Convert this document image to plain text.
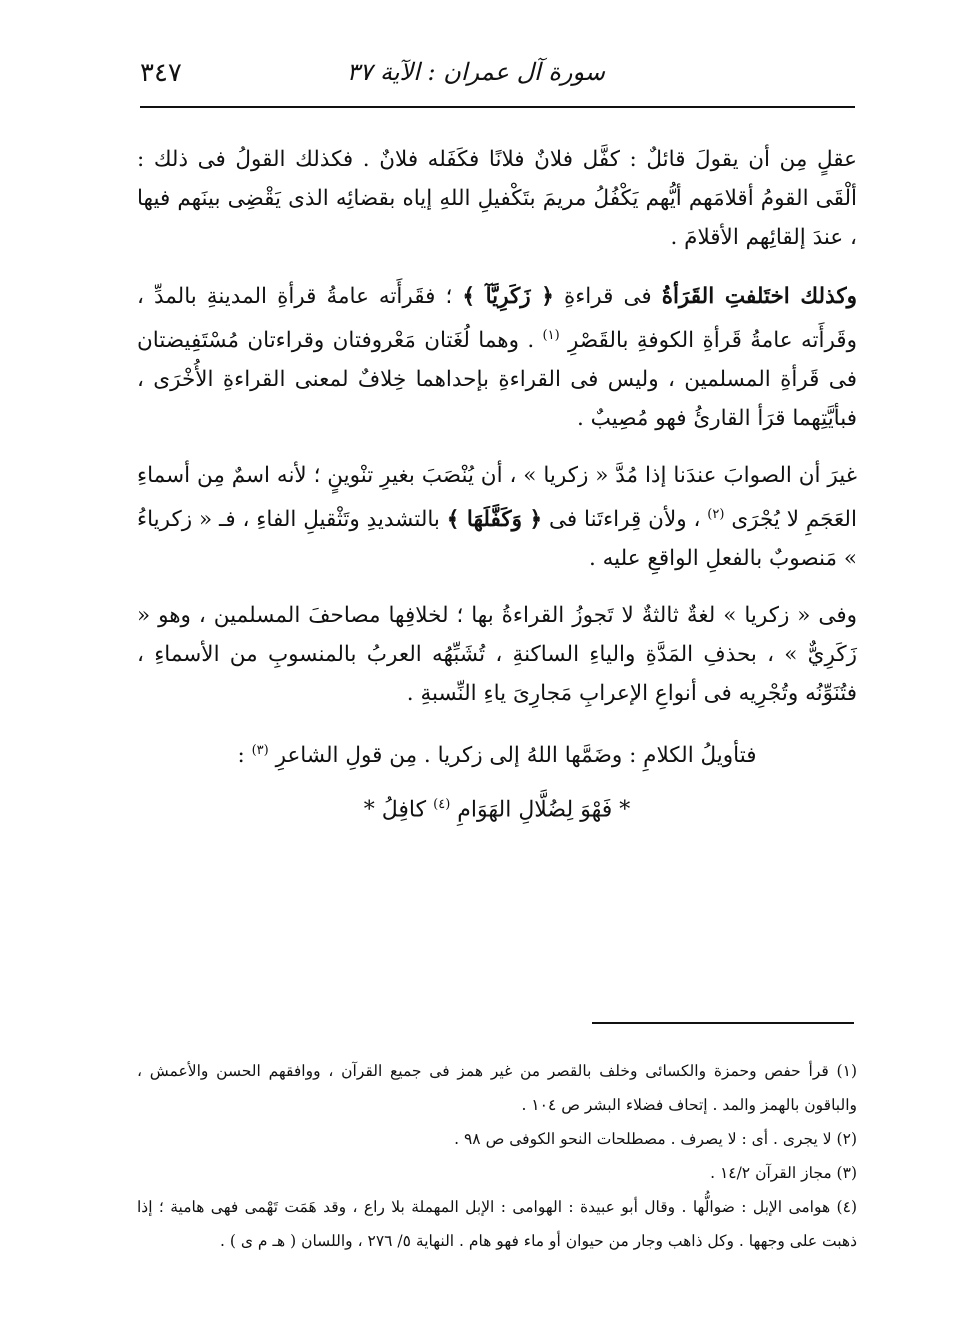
٣٤٧	سورة آل عمران : الآية ٣٧

عقلٍ مِن أن يقولَ قائلٌ : كفَّل فلانٌ فلانًا فكَفَله فلانٌ . فكذلك القولُ فى ذلك : ألْقَى القومُ أقلامَهم أيُّهم يَكْفُلُ مريمَ بتَكْفيلِ اللهِ إياه بقضائِه الذى يَقْضِى بينَهم فيها ، عندَ إلقائِهم الأقلامَ .

وكذلك اختَلفتِ القَرَأةُ فى قراءةِ ﴿ زَكَرِيَّآ ﴾ ؛ فقَرأَته عامةُ قرأةِ المدينةِ بالمدِّ ، وقَرأَته عامةُ قَرأةِ الكوفةِ بالقَصْرِ $^{(١)}$ . وهما لُغَتان مَعْروفتان وقراءتان مُسْتَفِيضتان فى قَرأةِ المسلمين ، وليس فى القراءةِ بإحداهما خِلافٌ لمعنى القراءةِ الأُخْرَى ، فبأيَّتِهما قرَأ القارئُ فهو مُصِيبٌ .

غيرَ أن الصوابَ عندَنا إذا مُدَّ « زكريا » ، أن يُنْصَبَ بغيرِ تنْوينٍ ؛ لأنه اسمٌ مِن أسماءِ العَجَمِ لا يُجْرَى $^{(٢)}$ ، ولأن قِراءتَنا فى ﴿ وَكَفَّلَهَا ﴾ بالتشديدِ وتَثْقيلِ الفاءِ ، فـ « زكرياءُ » مَنصوبٌ بالفعلِ الواقعِ عليه .

وفى « زكريا » لغةٌ ثالثةٌ لا تَجوزُ القراءةُ بها ؛ لخلافِها مصاحفَ المسلمين ، وهو « زَكَرِيٌّ » ، بحذفِ المَدَّةِ والياءِ الساكنةِ ، تُشَبِّهُه العربُ بالمنسوبِ من الأسماءِ ، فتُنَوِّنُه وتُجْرِيه فى أنواعِ الإعرابِ مَجارِىَ ياءِ النِّسبةِ .

فتأويلُ الكلامِ : وضَمَّها اللهُ إلى زكريا . مِن قولِ الشاعرِ $^{(٣)}$ :

* فَهْوَ لِضُلَّالِ الهَوَامِ $^{(٤)}$ كافِلُ *

(١) قرأ حفص وحمزة والكسائى وخلف بالقصر من غير همز فى جميع القرآن ، ووافقهم الحسن والأعمش ، والباقون بالهمز والمد . إتحاف فضلاء البشر ص ١٠٤ .

(٢) لا يجرى . أى : لا يصرف . مصطلحات النحو الكوفى ص ٩٨ .

(٣) مجاز القرآن ١٤/٢ .

(٤) هوامى الإبل : ضوالُّها . وقال أبو عبيدة : الهوامى : الإبل المهملة بلا راع ، وقد هَمَت تَهْمى فهى هامية ؛ إذا ذهبت على وجهها . وكل ذاهب وجار من حيوان أو ماء فهو هام . النهاية ٥/ ٢٧٦ ، واللسان ( هـ م ى ) .
